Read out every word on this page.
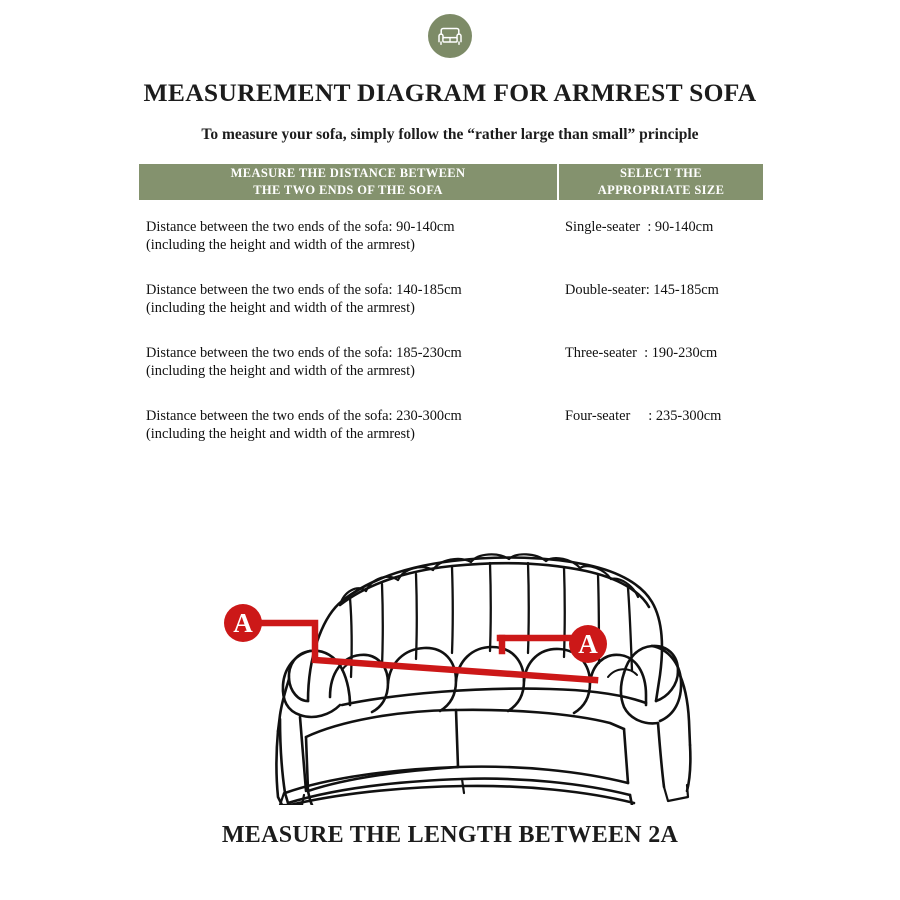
MEASUREMENT DIAGRAM FOR ARMREST SOFA
To measure your sofa, simply follow the “rather large than small” principle
MEASURE THE DISTANCE BETWEEN
THE TWO ENDS OF THE SOFA
SELECT THE
APPROPRIATE SIZE
Distance between the two ends of the sofa: 90-140cm
(including the height and width of the armrest)
Single-seater : 90-140cm
Distance between the two ends of the sofa: 140-185cm
(including the height and width of the armrest)
Double-seater: 145-185cm
Distance between the two ends of the sofa: 185-230cm
(including the height and width of the armrest)
Three-seater : 190-230cm
Distance between the two ends of the sofa: 230-300cm
(including the height and width of the armrest)
Four-seater   : 235-300cm
A
A
MEASURE THE LENGTH BETWEEN 2A
